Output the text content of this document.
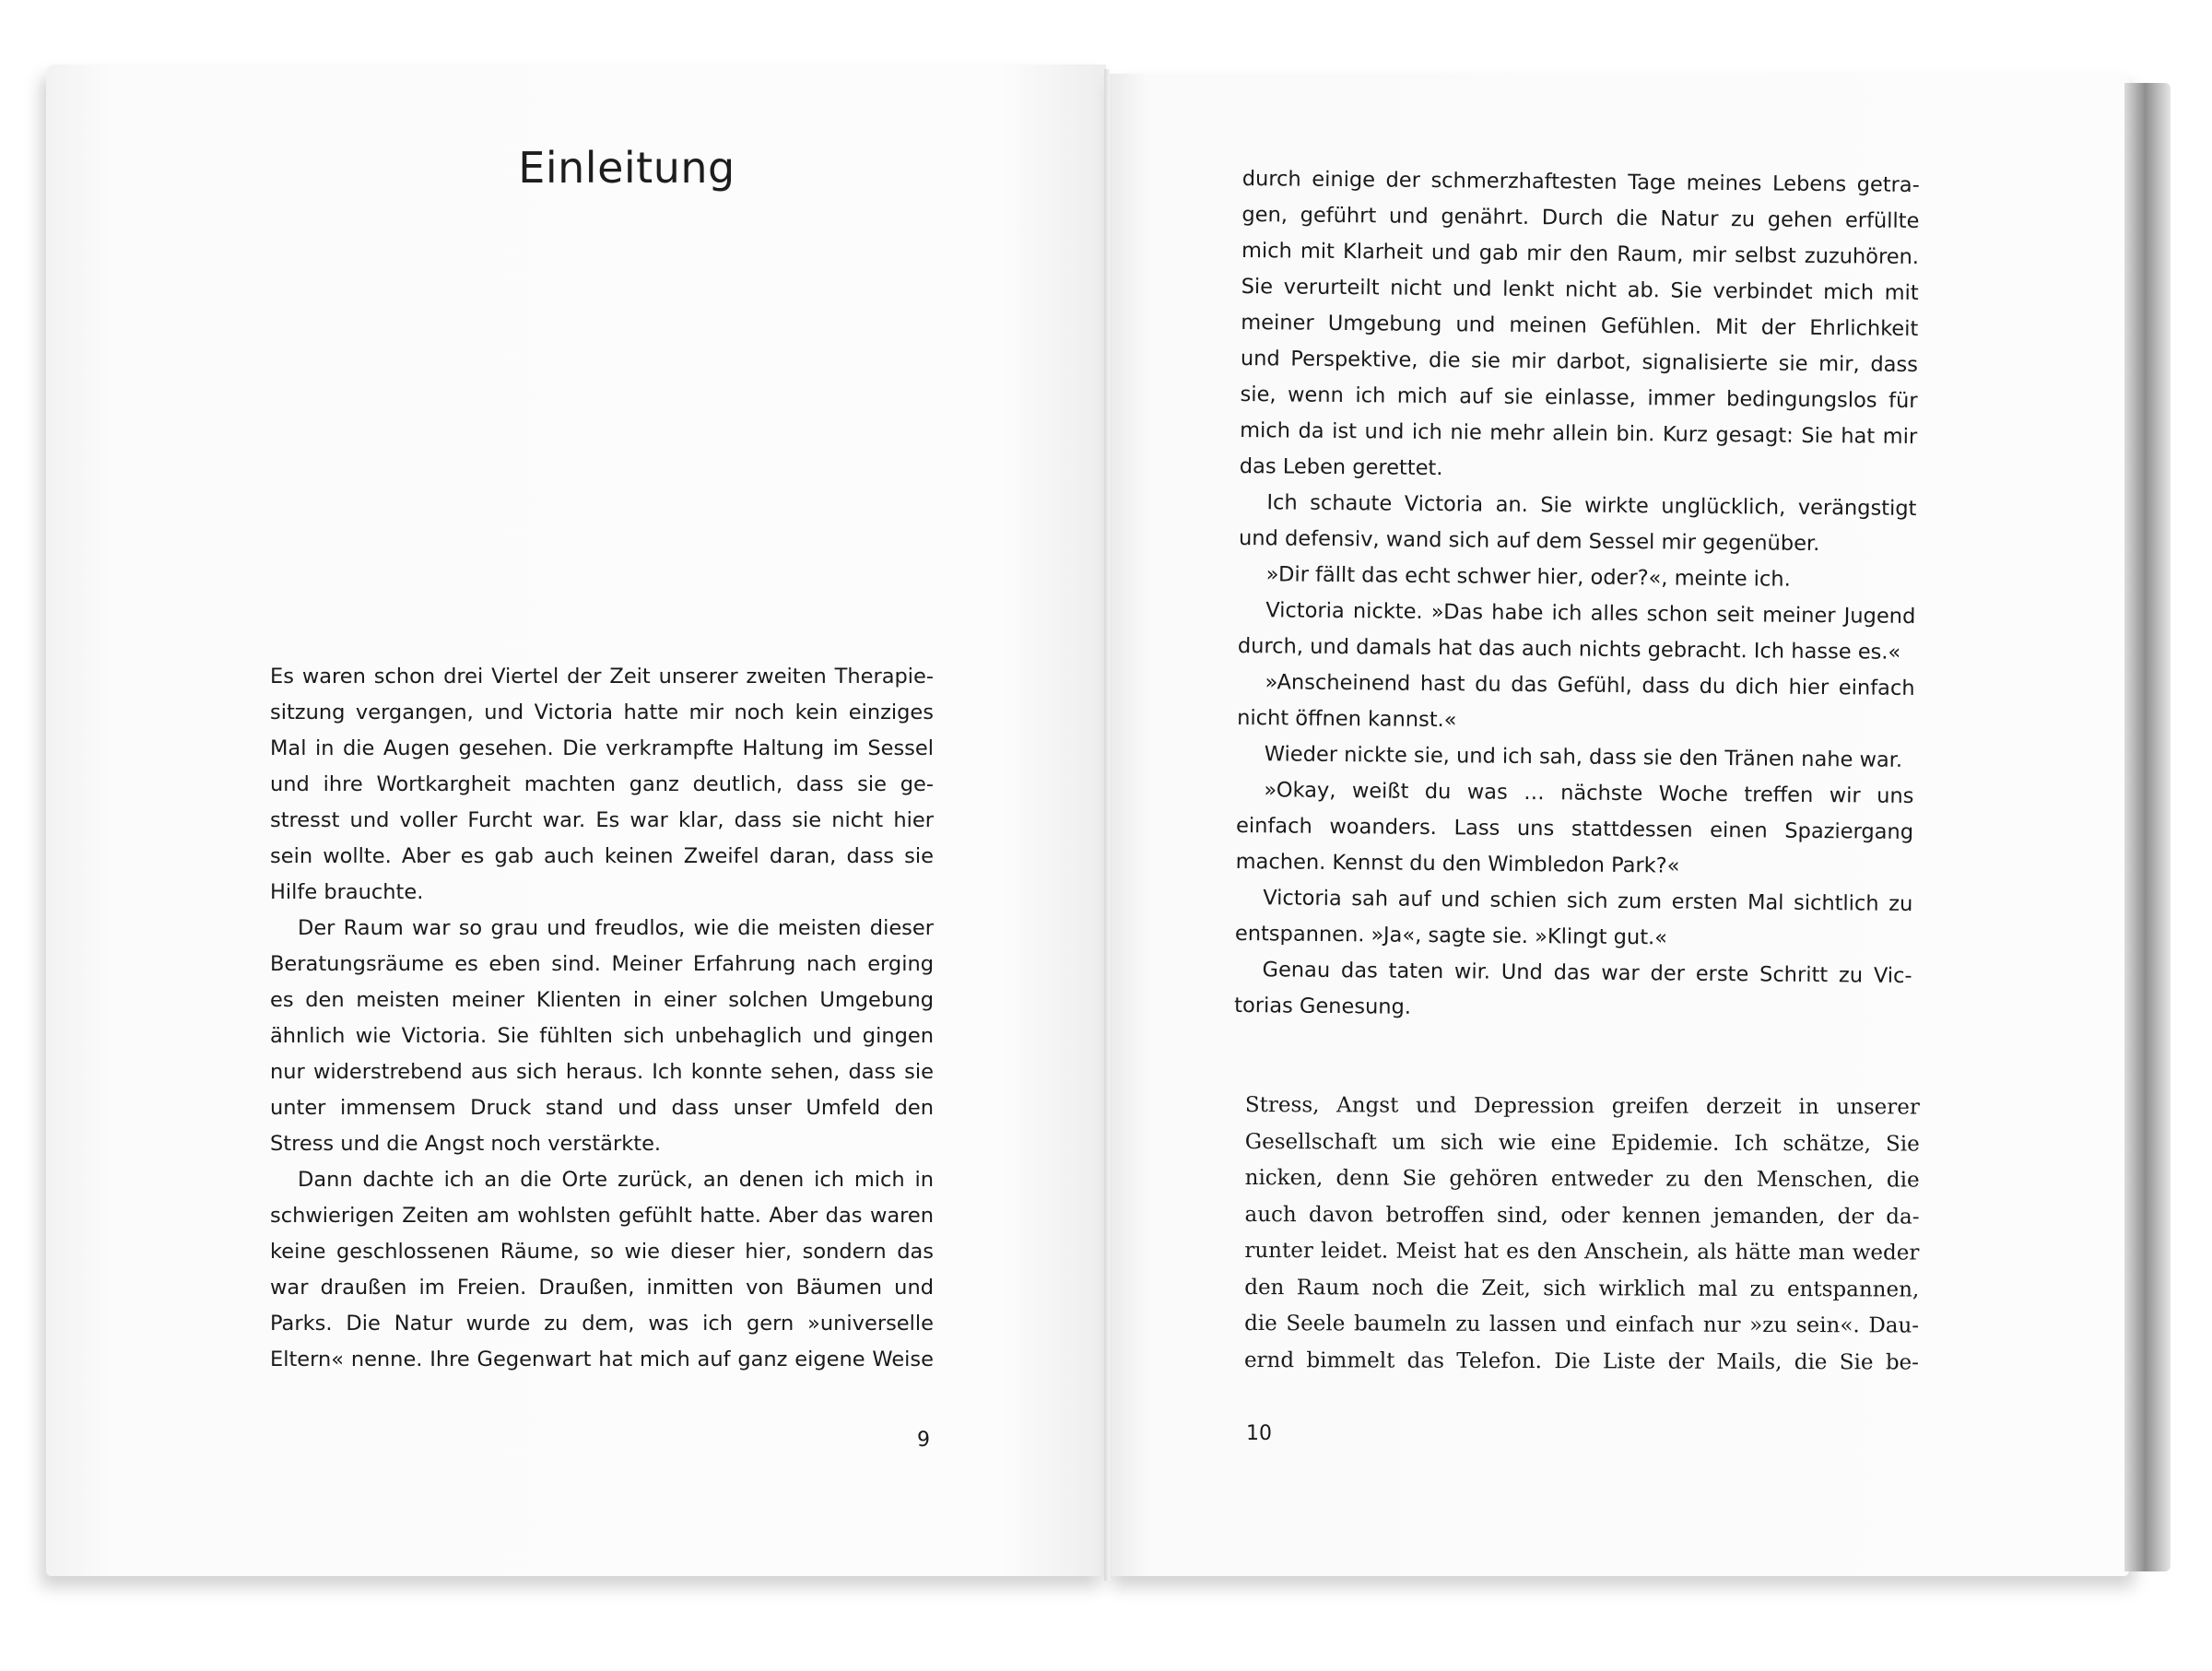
Einleitung
Es waren schon drei Viertel der Zeit unserer zweiten Therapie-
sitzung vergangen, und Victoria hatte mir noch kein einziges
Mal in die Augen gesehen. Die verkrampfte Haltung im Sessel
und ihre Wortkargheit machten ganz deutlich, dass sie ge-
stresst und voller Furcht war. Es war klar, dass sie nicht hier
sein wollte. Aber es gab auch keinen Zweifel daran, dass sie
Hilfe brauchte.
Der Raum war so grau und freudlos, wie die meisten dieser
Beratungsräume es eben sind. Meiner Erfahrung nach erging
es den meisten meiner Klienten in einer solchen Umgebung
ähnlich wie Victoria. Sie fühlten sich unbehaglich und gingen
nur widerstrebend aus sich heraus. Ich konnte sehen, dass sie
unter immensem Druck stand und dass unser Umfeld den
Stress und die Angst noch verstärkte.
Dann dachte ich an die Orte zurück, an denen ich mich in
schwierigen Zeiten am wohlsten gefühlt hatte. Aber das waren
keine geschlossenen Räume, so wie dieser hier, sondern das
war draußen im Freien. Draußen, inmitten von Bäumen und
Parks. Die Natur wurde zu dem, was ich gern »universelle
Eltern« nenne. Ihre Gegenwart hat mich auf ganz eigene Weise
9
durch einige der schmerzhaftesten Tage meines Lebens getra-
gen, geführt und genährt. Durch die Natur zu gehen erfüllte
mich mit Klarheit und gab mir den Raum, mir selbst zuzuhören.
Sie verurteilt nicht und lenkt nicht ab. Sie verbindet mich mit
meiner Umgebung und meinen Gefühlen. Mit der Ehrlichkeit
und Perspektive, die sie mir darbot, signalisierte sie mir, dass
sie, wenn ich mich auf sie einlasse, immer bedingungslos für
mich da ist und ich nie mehr allein bin. Kurz gesagt: Sie hat mir
das Leben gerettet.
Ich schaute Victoria an. Sie wirkte unglücklich, verängstigt
und defensiv, wand sich auf dem Sessel mir gegenüber.
»Dir fällt das echt schwer hier, oder?«, meinte ich.
Victoria nickte. »Das habe ich alles schon seit meiner Jugend
durch, und damals hat das auch nichts gebracht. Ich hasse es.«
»Anscheinend hast du das Gefühl, dass du dich hier einfach
nicht öffnen kannst.«
Wieder nickte sie, und ich sah, dass sie den Tränen nahe war.
»Okay, weißt du was … nächste Woche treffen wir uns
einfach woanders. Lass uns stattdessen einen Spaziergang
machen. Kennst du den Wimbledon Park?«
Victoria sah auf und schien sich zum ersten Mal sichtlich zu
entspannen. »Ja«, sagte sie. »Klingt gut.«
Genau das taten wir. Und das war der erste Schritt zu Vic-
torias Genesung.
Stress, Angst und Depression greifen derzeit in unserer
Gesellschaft um sich wie eine Epidemie. Ich schätze, Sie
nicken, denn Sie gehören entweder zu den Menschen, die
auch davon betroffen sind, oder kennen jemanden, der da-
runter leidet. Meist hat es den Anschein, als hätte man weder
den Raum noch die Zeit, sich wirklich mal zu entspannen,
die Seele baumeln zu lassen und einfach nur »zu sein«. Dau-
ernd bimmelt das Telefon. Die Liste der Mails, die Sie be-
10
